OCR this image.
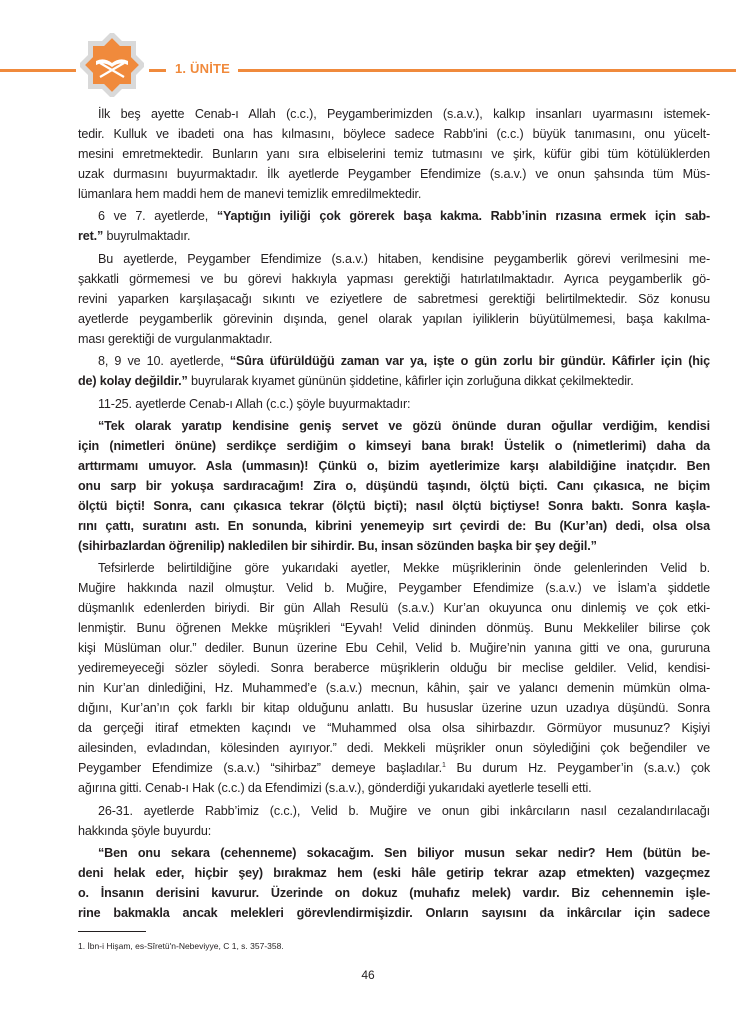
1. ÜNİTE
İlk beş ayette Cenab-ı Allah (c.c.), Peygamberimizden (s.a.v.), kalkıp insanları uyarmasını istemek-
tedir. Kulluk ve ibadeti ona has kılmasını, böylece sadece Rabb'ini (c.c.) büyük tanımasını, onu yücelt-
mesini emretmektedir. Bunların yanı sıra elbiselerini temiz tutmasını ve şirk, küfür gibi tüm kötülüklerden
uzak durmasını buyurmaktadır. İlk ayetlerde Peygamber Efendimize (s.a.v.) ve onun şahsında tüm Müs-
lümanlara hem maddi hem de manevi temizlik emredilmektedir.
6 ve 7. ayetlerde, “Yaptığın iyiliği çok görerek başa kakma. Rabb’inin rızasına ermek için sab-
ret.” buyrulmaktadır.
Bu ayetlerde, Peygamber Efendimize (s.a.v.) hitaben, kendisine peygamberlik görevi verilmesini me-
şakkatli görmemesi ve bu görevi hakkıyla yapması gerektiği hatırlatılmaktadır. Ayrıca peygamberlik gö-
revini yaparken karşılaşacağı sıkıntı ve eziyetlere de sabretmesi gerektiği belirtilmektedir. Söz konusu
ayetlerde peygamberlik görevinin dışında, genel olarak yapılan iyiliklerin büyütülmemesi, başa kakılma-
ması gerektiği de vurgulanmaktadır.
8, 9 ve 10. ayetlerde, “Sûra üfürüldüğü zaman var ya, işte o gün zorlu bir gündür. Kâfirler için (hiç
de) kolay değildir.” buyrularak kıyamet gününün şiddetine, kâfirler için zorluğuna dikkat çekilmektedir.
11-25. ayetlerde Cenab-ı Allah (c.c.) şöyle buyurmaktadır:
“Tek olarak yaratıp kendisine geniş servet ve gözü önünde duran oğullar verdiğim, kendisi
için (nimetleri önüne) serdikçe serdiğim o kimseyi bana bırak! Üstelik o (nimetlerimi) daha da
arttırmamı umuyor. Asla (ummasın)! Çünkü o, bizim ayetlerimize karşı alabildiğine inatçıdır. Ben
onu sarp bir yokuşa sardıracağım! Zira o, düşündü taşındı, ölçtü biçti. Canı çıkasıca, ne biçim
ölçtü biçti! Sonra, canı çıkasıca tekrar (ölçtü biçti); nasıl ölçtü biçtiyse! Sonra baktı. Sonra kaşla-
rını çattı, suratını astı. En sonunda, kibrini yenemeyip sırt çevirdi de: Bu (Kur’an) dedi, olsa olsa
(sihirbazlardan öğrenilip) nakledilen bir sihirdir. Bu, insan sözünden başka bir şey değil.”
Tefsirlerde belirtildiğine göre yukarıdaki ayetler, Mekke müşriklerinin önde gelenlerinden Velid b.
Muğire hakkında nazil olmuştur. Velid b. Muğire, Peygamber Efendimize (s.a.v.) ve İslam’a şiddetle
düşmanlık edenlerden biriydi. Bir gün Allah Resulü (s.a.v.) Kur’an okuyunca onu dinlemiş ve çok etki-
lenmiştir. Bunu öğrenen Mekke müşrikleri “Eyvah! Velid dininden dönmüş. Bunu Mekkeliler bilirse çok
kişi Müslüman olur.” dediler. Bunun üzerine Ebu Cehil, Velid b. Muğire’nin yanına gitti ve ona, gururuna
yediremeyeceği sözler söyledi. Sonra beraberce müşriklerin olduğu bir meclise geldiler. Velid, kendisi-
nin Kur’an dinlediğini, Hz. Muhammed’e (s.a.v.) mecnun, kâhin, şair ve yalancı demenin mümkün olma-
dığını, Kur’an’ın çok farklı bir kitap olduğunu anlattı. Bu hususlar üzerine uzun uzadıya düşündü. Sonra
da gerçeği itiraf etmekten kaçındı ve “Muhammed olsa olsa sihirbazdır. Görmüyor musunuz? Kişiyi
ailesinden, evladından, kölesinden ayırıyor.” dedi. Mekkeli müşrikler onun söylediğini çok beğendiler ve
Peygamber Efendimize (s.a.v.) “sihirbaz” demeye başladılar.$^1$ Bu durum Hz. Peygamber’in (s.a.v.) çok
ağırına gitti. Cenab-ı Hak (c.c.) da Efendimizi (s.a.v.), gönderdiği yukarıdaki ayetlerle teselli etti.
26-31. ayetlerde Rabb’imiz (c.c.), Velid b. Muğire ve onun gibi inkârcıların nasıl cezalandırılacağı
hakkında şöyle buyurdu:
“Ben onu sekara (cehenneme) sokacağım. Sen biliyor musun sekar nedir? Hem (bütün be-
deni helak eder, hiçbir şey) bırakmaz hem (eski hâle getirip tekrar azap etmekten) vazgeçmez
o. İnsanın derisini kavurur. Üzerinde on dokuz (muhafız melek) vardır. Biz cehennemin işle-
rine bakmakla ancak melekleri görevlendirmişizdir. Onların sayısını da inkârcılar için sadece
1. İbn-i Hişam, es-Sîretü'n-Nebeviyye, C 1, s. 357-358.
46
